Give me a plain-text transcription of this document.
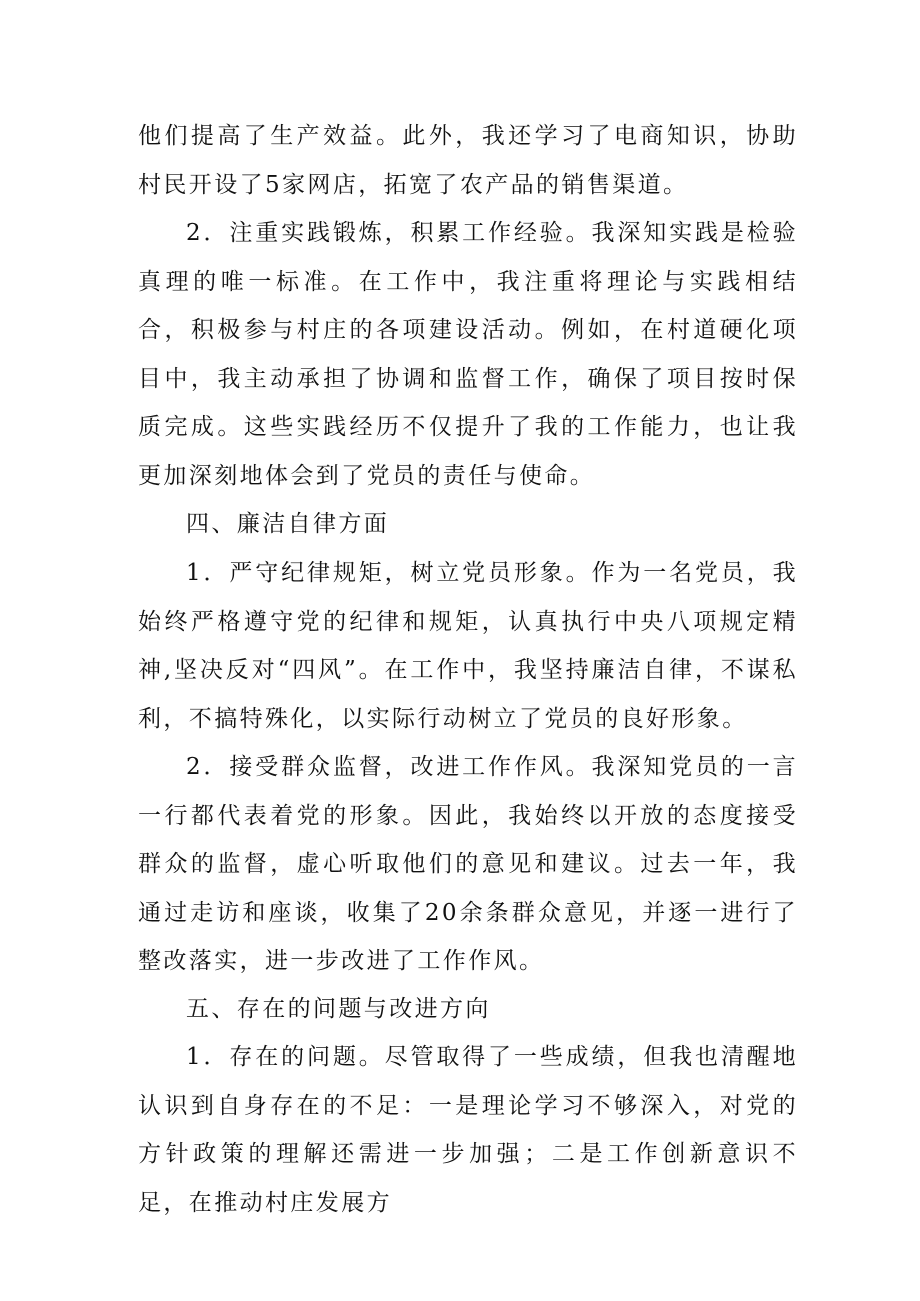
他们提高了生产效益。此外，我还学习了电商知识，协助村民开设了5家网店，拓宽了农产品的销售渠道。

2．注重实践锻炼，积累工作经验。我深知实践是检验真理的唯一标准。在工作中，我注重将理论与实践相结合，积极参与村庄的各项建设活动。例如，在村道硬化项目中，我主动承担了协调和监督工作，确保了项目按时保质完成。这些实践经历不仅提升了我的工作能力，也让我更加深刻地体会到了党员的责任与使命。

四、廉洁自律方面

1．严守纪律规矩，树立党员形象。作为一名党员，我始终严格遵守党的纪律和规矩，认真执行中央八项规定精神,坚决反对“四风”。在工作中，我坚持廉洁自律，不谋私利，不搞特殊化，以实际行动树立了党员的良好形象。

2．接受群众监督，改进工作作风。我深知党员的一言一行都代表着党的形象。因此，我始终以开放的态度接受群众的监督，虚心听取他们的意见和建议。过去一年，我通过走访和座谈，收集了20余条群众意见，并逐一进行了整改落实，进一步改进了工作作风。

五、存在的问题与改进方向

1．存在的问题。尽管取得了一些成绩，但我也清醒地认识到自身存在的不足：一是理论学习不够深入，对党的方针政策的理解还需进一步加强；二是工作创新意识不足，在推动村庄发展方
